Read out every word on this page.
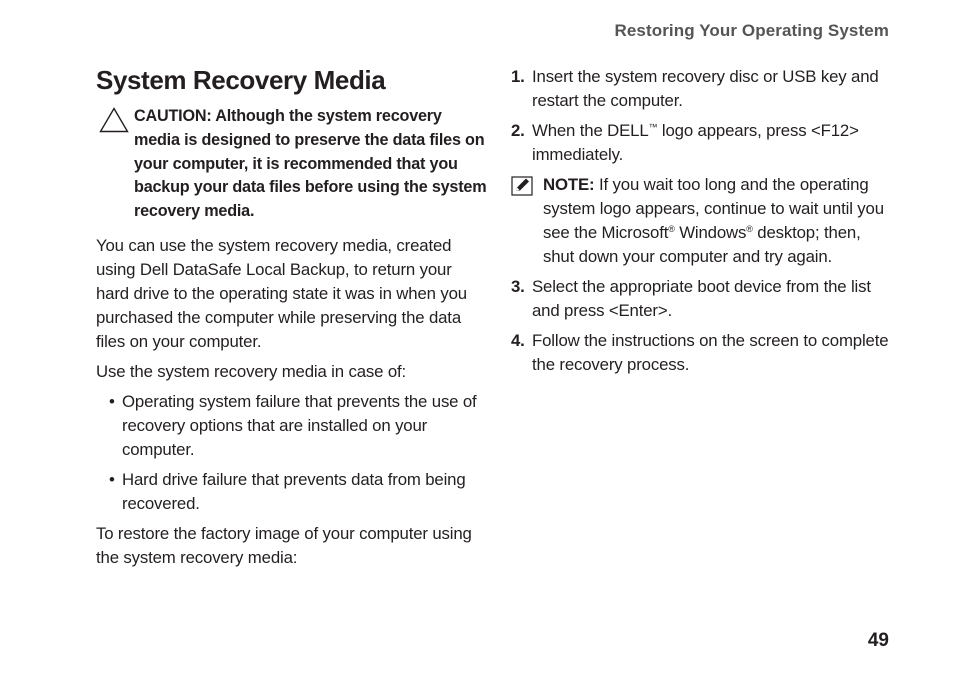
Restoring Your Operating System
System Recovery Media
CAUTION: Although the system recovery media is designed to preserve the data files on your computer, it is recommended that you backup your data files before using the system recovery media.

You can use the system recovery media, created using Dell DataSafe Local Backup, to return your hard drive to the operating state it was in when you purchased the computer while preserving the data files on your computer.

Use the system recovery media in case of:

• Operating system failure that prevents the use of recovery options that are installed on your computer.
• Hard drive failure that prevents data from being recovered.

To restore the factory image of your computer using the system recovery media:

1. Insert the system recovery disc or USB key and restart the computer.
2. When the DELL™ logo appears, press <F12> immediately.
NOTE: If you wait too long and the operating system logo appears, continue to wait until you see the Microsoft® Windows® desktop; then, shut down your computer and try again.
3. Select the appropriate boot device from the list and press <Enter>.
4. Follow the instructions on the screen to complete the recovery process.
49
